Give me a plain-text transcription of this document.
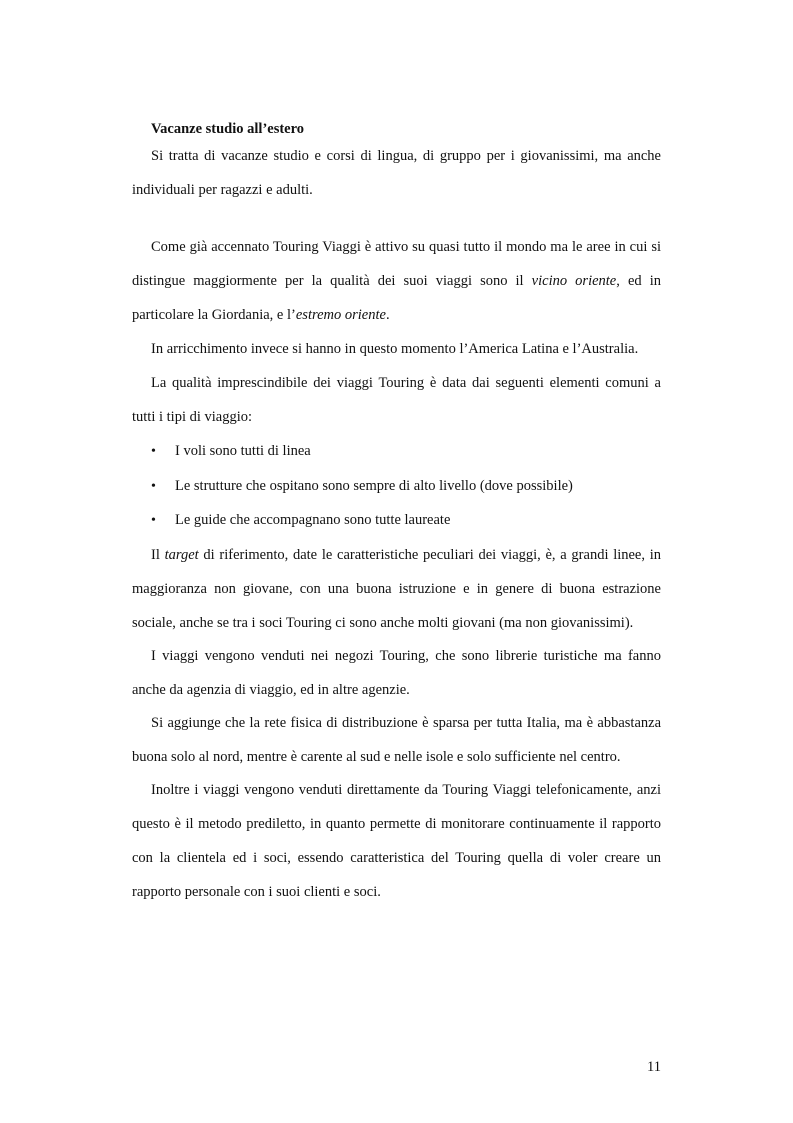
Vacanze studio all’estero

Si tratta di vacanze studio e corsi di lingua, di gruppo per i giovanissimi, ma anche individuali per ragazzi e adulti.

Come già accennato Touring Viaggi è attivo su quasi tutto il mondo ma le aree in cui si distingue maggiormente per la qualità dei suoi viaggi sono il vicino oriente, ed in particolare la Giordania, e l’estremo oriente.

In arricchimento invece si hanno in questo momento l’America Latina e l’Australia.

La qualità imprescindibile dei viaggi Touring è data dai seguenti elementi comuni a tutti i tipi di viaggio:

• I voli sono tutti di linea
• Le strutture che ospitano sono sempre di alto livello (dove possibile)
• Le guide che accompagnano sono tutte laureate

Il target di riferimento, date le caratteristiche peculiari dei viaggi, è, a grandi linee, in maggioranza non giovane, con una buona istruzione e in genere di buona estrazione sociale, anche se tra i soci Touring ci sono anche molti giovani (ma non giovanissimi).

I viaggi vengono venduti nei negozi Touring, che sono librerie turistiche ma fanno anche da agenzia di viaggio, ed in altre agenzie.

Si aggiunge che la rete fisica di distribuzione è sparsa per tutta Italia, ma è abbastanza buona solo al nord, mentre è carente al sud e nelle isole e solo sufficiente nel centro.

Inoltre i viaggi vengono venduti direttamente da Touring Viaggi telefonicamente, anzi questo è il metodo prediletto, in quanto permette di monitorare continuamente il rapporto con la clientela ed i soci, essendo caratteristica del Touring quella di voler creare un rapporto personale con i suoi clienti e soci.

11
